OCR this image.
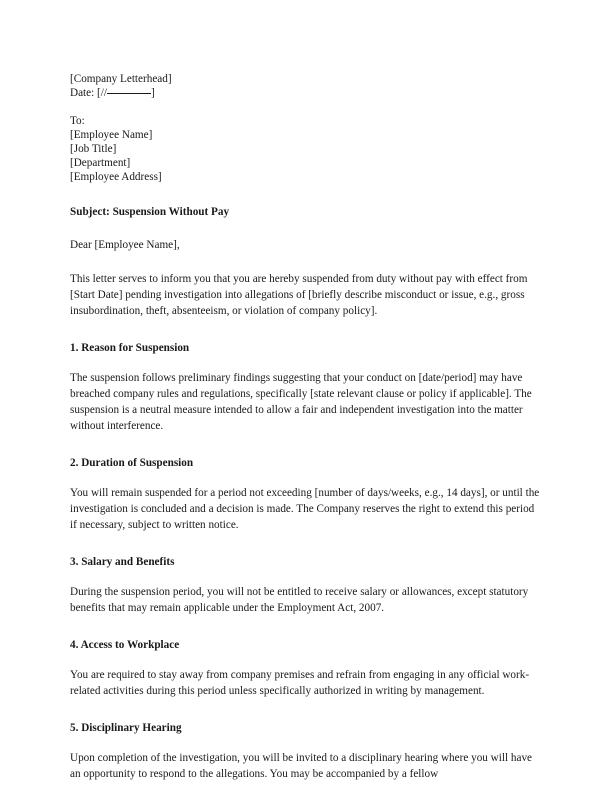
[Company Letterhead]
Date: [//	]
To:
[Employee Name]
[Job Title]
[Department]
[Employee Address]
Subject: Suspension Without Pay
Dear [Employee Name],

This letter serves to inform you that you are hereby suspended from duty without pay with effect from [Start Date] pending investigation into allegations of [briefly describe misconduct or issue, e.g., gross insubordination, theft, absenteeism, or violation of company policy].

1. Reason for Suspension

The suspension follows preliminary findings suggesting that your conduct on [date/period] may have breached company rules and regulations, specifically [state relevant clause or policy if applicable]. The suspension is a neutral measure intended to allow a fair and independent investigation into the matter without interference.

2. Duration of Suspension

You will remain suspended for a period not exceeding [number of days/weeks, e.g., 14 days], or until the investigation is concluded and a decision is made. The Company reserves the right to extend this period if necessary, subject to written notice.

3. Salary and Benefits

During the suspension period, you will not be entitled to receive salary or allowances, except statutory benefits that may remain applicable under the Employment Act, 2007.

4. Access to Workplace

You are required to stay away from company premises and refrain from engaging in any official work-related activities during this period unless specifically authorized in writing by management.

5. Disciplinary Hearing

Upon completion of the investigation, you will be invited to a disciplinary hearing where you will have an opportunity to respond to the allegations. You may be accompanied by a fellow
